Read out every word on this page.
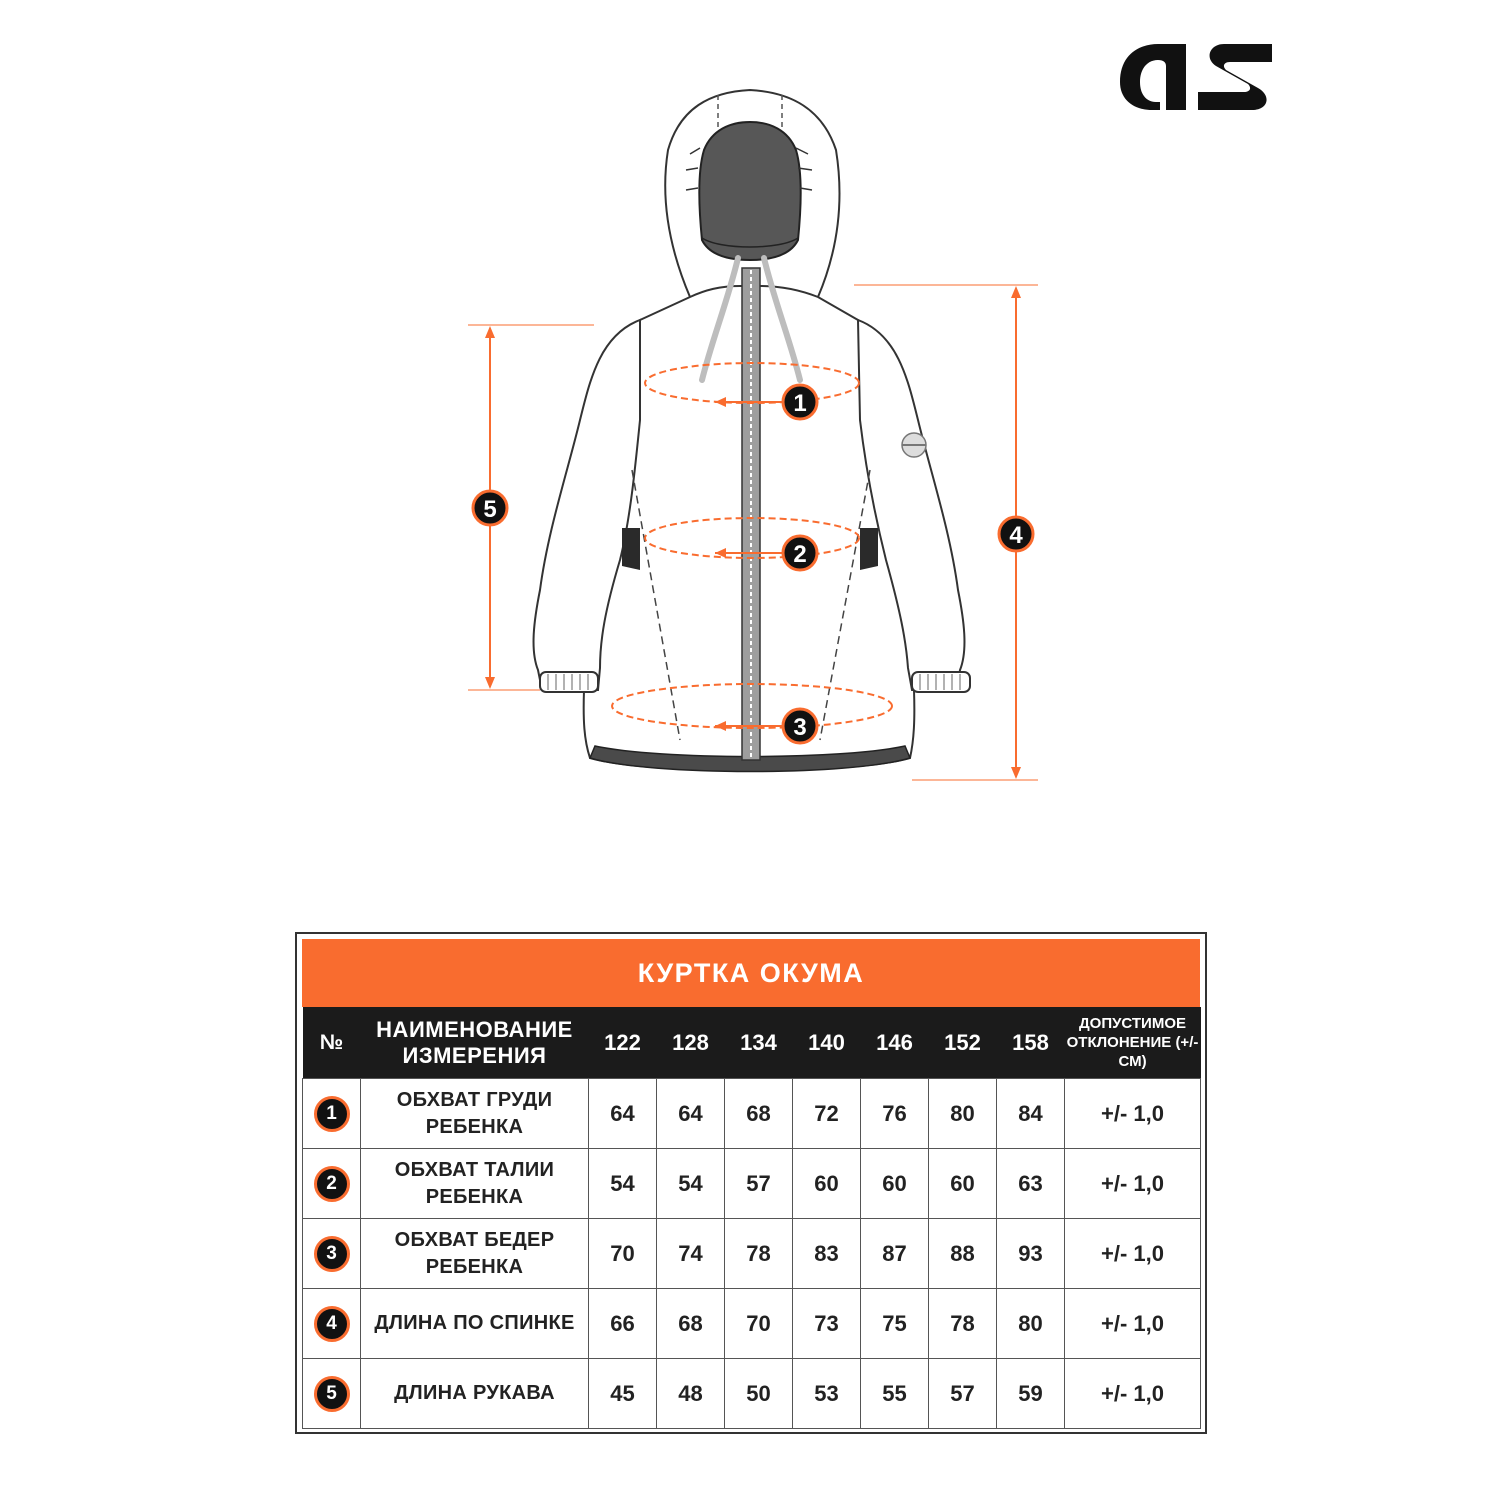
1
2
3
4
5
КУРТКА ОКУМА
№	НАИМЕНОВАНИЕ ИЗМЕРЕНИЯ	122	128	134	140	146	152	158	ДОПУСТИМОЕ ОТКЛОНЕНИЕ (+/-СМ)
1	ОБХВАТ ГРУДИ РЕБЕНКА	64	64	68	72	76	80	84	+/- 1,0
2	ОБХВАТ ТАЛИИ РЕБЕНКА	54	54	57	60	60	60	63	+/- 1,0
3	ОБХВАТ БЕДЕР РЕБЕНКА	70	74	78	83	87	88	93	+/- 1,0
4	ДЛИНА ПО СПИНКЕ	66	68	70	73	75	78	80	+/- 1,0
5	ДЛИНА РУКАВА	45	48	50	53	55	57	59	+/- 1,0
